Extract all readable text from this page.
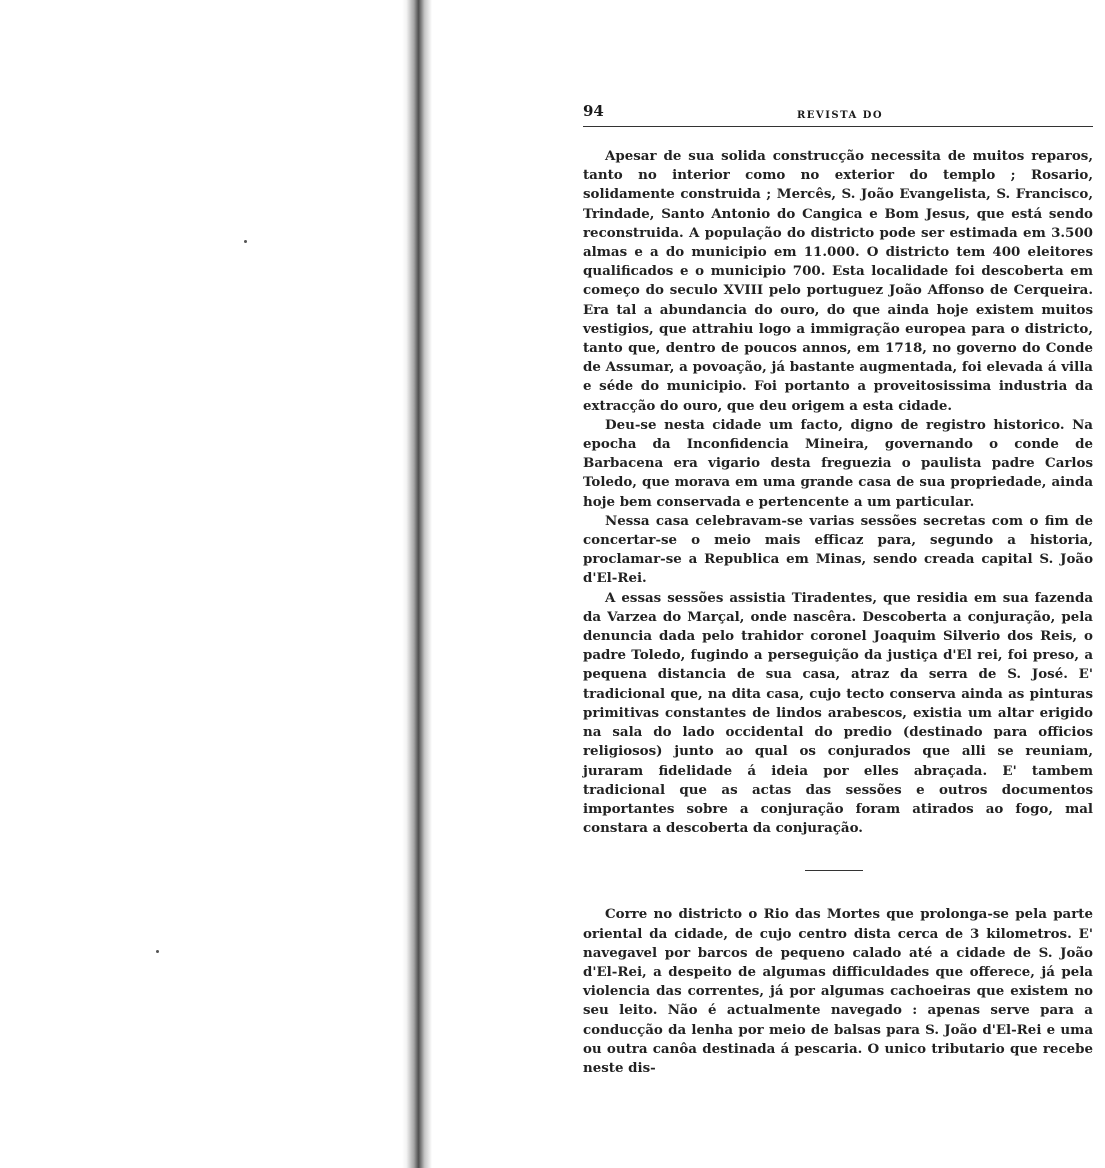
94	REVISTA DO

Apesar de sua solida construcção necessita de muitos reparos, tanto no interior como no exterior do templo ; Rosario, solidamente construida ; Mercês, S. João Evangelista, S. Francisco, Trindade, Santo Antonio do Cangica e Bom Jesus, que está sendo reconstruida. A população do districto pode ser estimada em 3.500 almas e a do municipio em 11.000. O districto tem 400 eleitores qualificados e o municipio 700. Esta localidade foi descoberta em começo do seculo XVIII pelo portuguez João Affonso de Cerqueira. Era tal a abundancia do ouro, do que ainda hoje existem muitos vestigios, que attrahiu logo a immigração europea para o districto, tanto que, dentro de poucos annos, em 1718, no governo do Conde de Assumar, a povoação, já bastante augmentada, foi elevada á villa e séde do municipio. Foi portanto a proveitosissima industria da extracção do ouro, que deu origem a esta cidade.

Deu-se nesta cidade um facto, digno de registro historico. Na epocha da Inconfidencia Mineira, governando o conde de Barbacena era vigario desta freguezia o paulista padre Carlos Toledo, que morava em uma grande casa de sua propriedade, ainda hoje bem conservada e pertencente a um particular.

Nessa casa celebravam-se varias sessões secretas com o fim de concertar-se o meio mais efficaz para, segundo a historia, proclamar-se a Republica em Minas, sendo creada capital S. João d'El-Rei.

A essas sessões assistia Tiradentes, que residia em sua fazenda da Varzea do Marçal, onde nascêra. Descoberta a conjuração, pela denuncia dada pelo trahidor coronel Joaquim Silverio dos Reis, o padre Toledo, fugindo a perseguição da justiça d'El rei, foi preso, a pequena distancia de sua casa, atraz da serra de S. José. E' tradicional que, na dita casa, cujo tecto conserva ainda as pinturas primitivas constantes de lindos arabescos, existia um altar erigido na sala do lado occidental do predio (destinado para officios religiosos) junto ao qual os conjurados que alli se reuniam, juraram fidelidade á ideia por elles abraçada. E' tambem tradicional que as actas das sessões e outros documentos importantes sobre a conjuração foram atirados ao fogo, mal constara a descoberta da conjuração.

Corre no districto o Rio das Mortes que prolonga-se pela parte oriental da cidade, de cujo centro dista cerca de 3 kilometros. E' navegavel por barcos de pequeno calado até a cidade de S. João d'El-Rei, a despeito de algumas difficuldades que offerece, já pela violencia das correntes, já por algumas cachoeiras que existem no seu leito. Não é actualmente navegado : apenas serve para a conducção da lenha por meio de balsas para S. João d'El-Rei e uma ou outra canôa destinada á pescaria. O unico tributario que recebe neste dis-
